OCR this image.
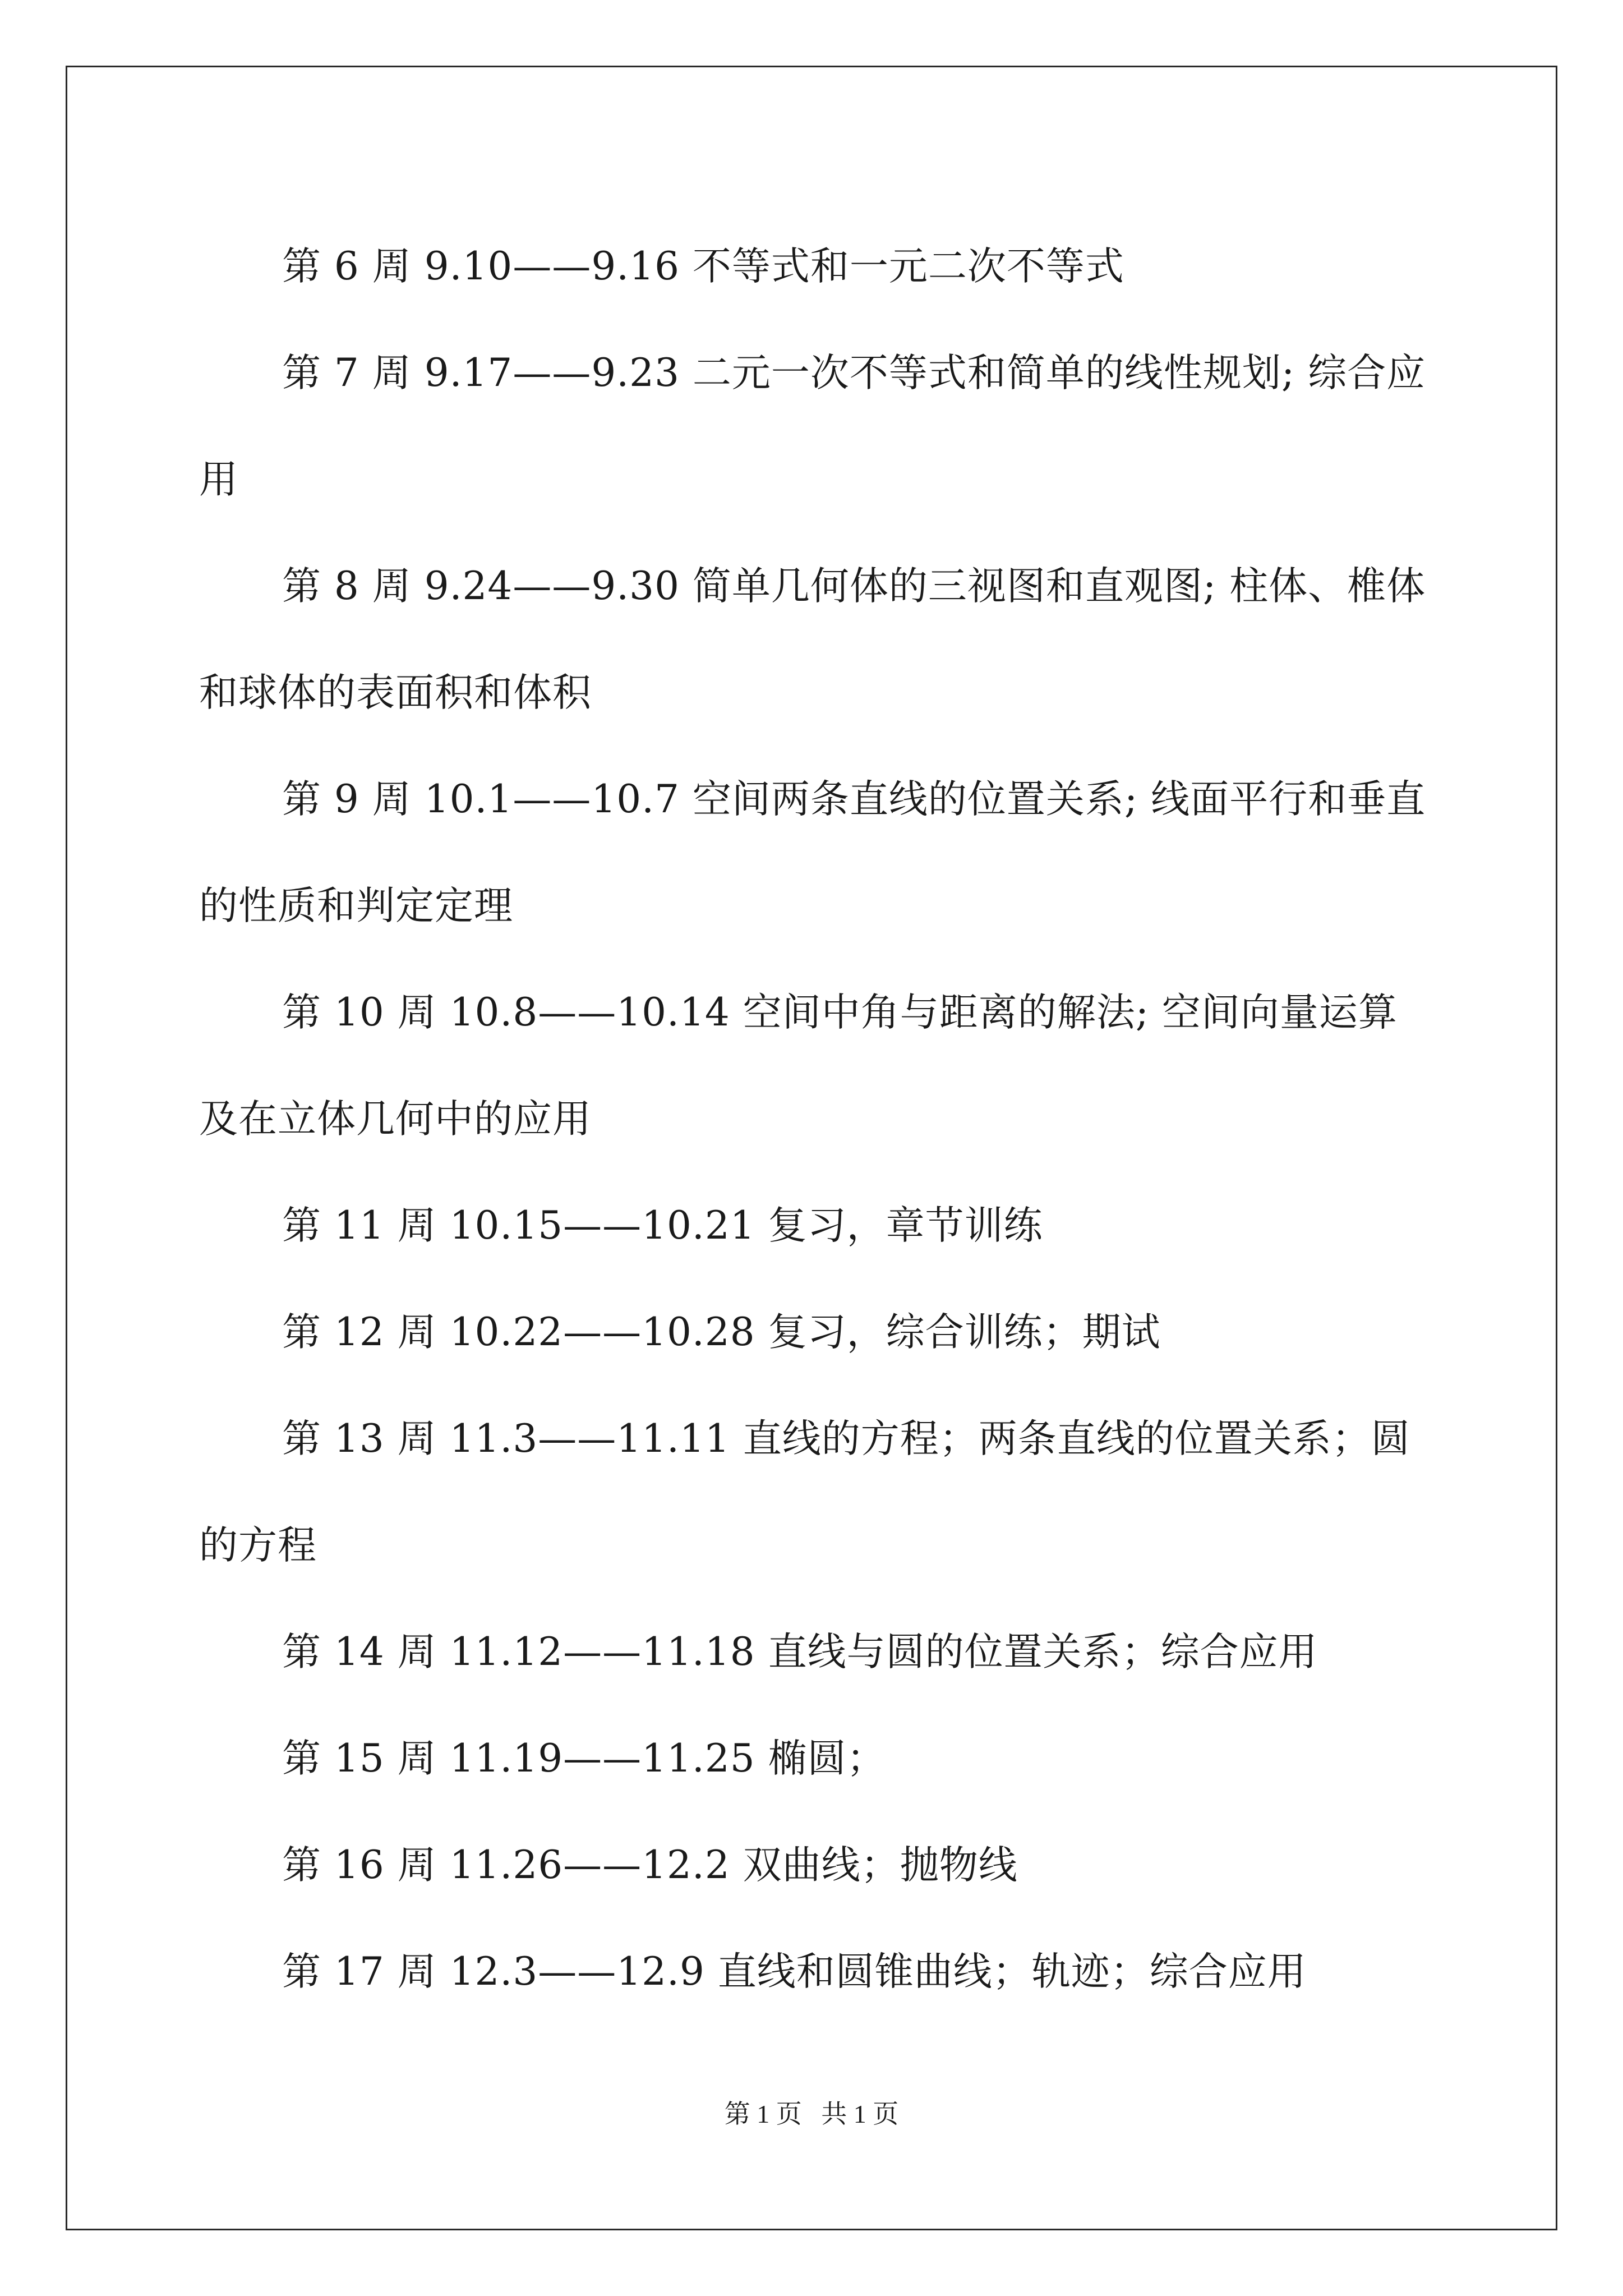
第 6 周 9.10——9.16 不等式和一元二次不等式

第 7 周 9.17——9.23 二元一次不等式和简单的线性规划; 综合应用

第 8 周 9.24——9.30 简单几何体的三视图和直观图; 柱体、椎体和球体的表面积和体积

第 9 周 10.1——10.7 空间两条直线的位置关系; 线面平行和垂直的性质和判定定理

第 10 周 10.8——10.14 空间中角与距离的解法; 空间向量运算及在立体几何中的应用

第 11 周 10.15——10.21 复习，章节训练

第 12 周 10.22——10.28 复习，综合训练；期试

第 13 周 11.3——11.11 直线的方程；两条直线的位置关系；圆的方程

第 14 周 11.12——11.18 直线与圆的位置关系；综合应用

第 15 周 11.19——11.25 椭圆；

第 16 周 11.26——12.2 双曲线；抛物线

第 17 周 12.3——12.9 直线和圆锥曲线；轨迹；综合应用

第 1 页   共 1 页
